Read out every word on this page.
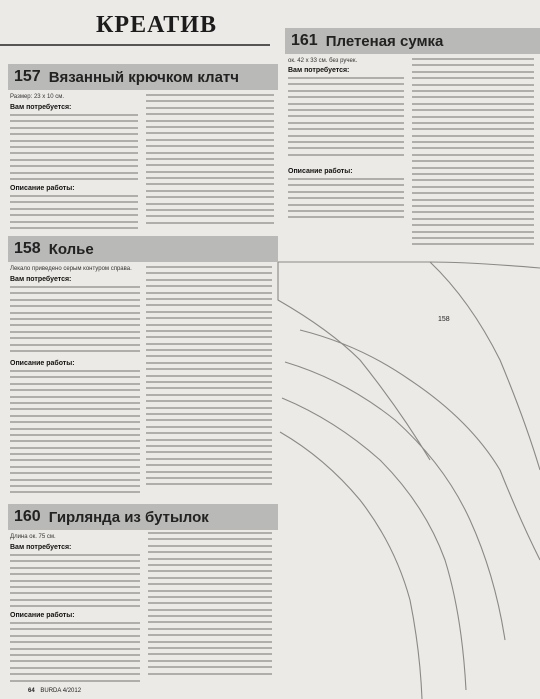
КРЕАТИВ
161 Плетеная сумка
ок. 42 х 33 см. без ручек.
Вам потребуется:
Описание работы:
157 Вязанный крючком клатч
Размер: 23 х 10 см.
Вам потребуется:
Описание работы:
158 Колье
Лекало приведено серым контуром справа.
Вам потребуется:
Описание работы:
160 Гирлянда из бутылок
Длина ок. 75 см.
Вам потребуется:
Описание работы:
158
64 BURDA 4/2012
